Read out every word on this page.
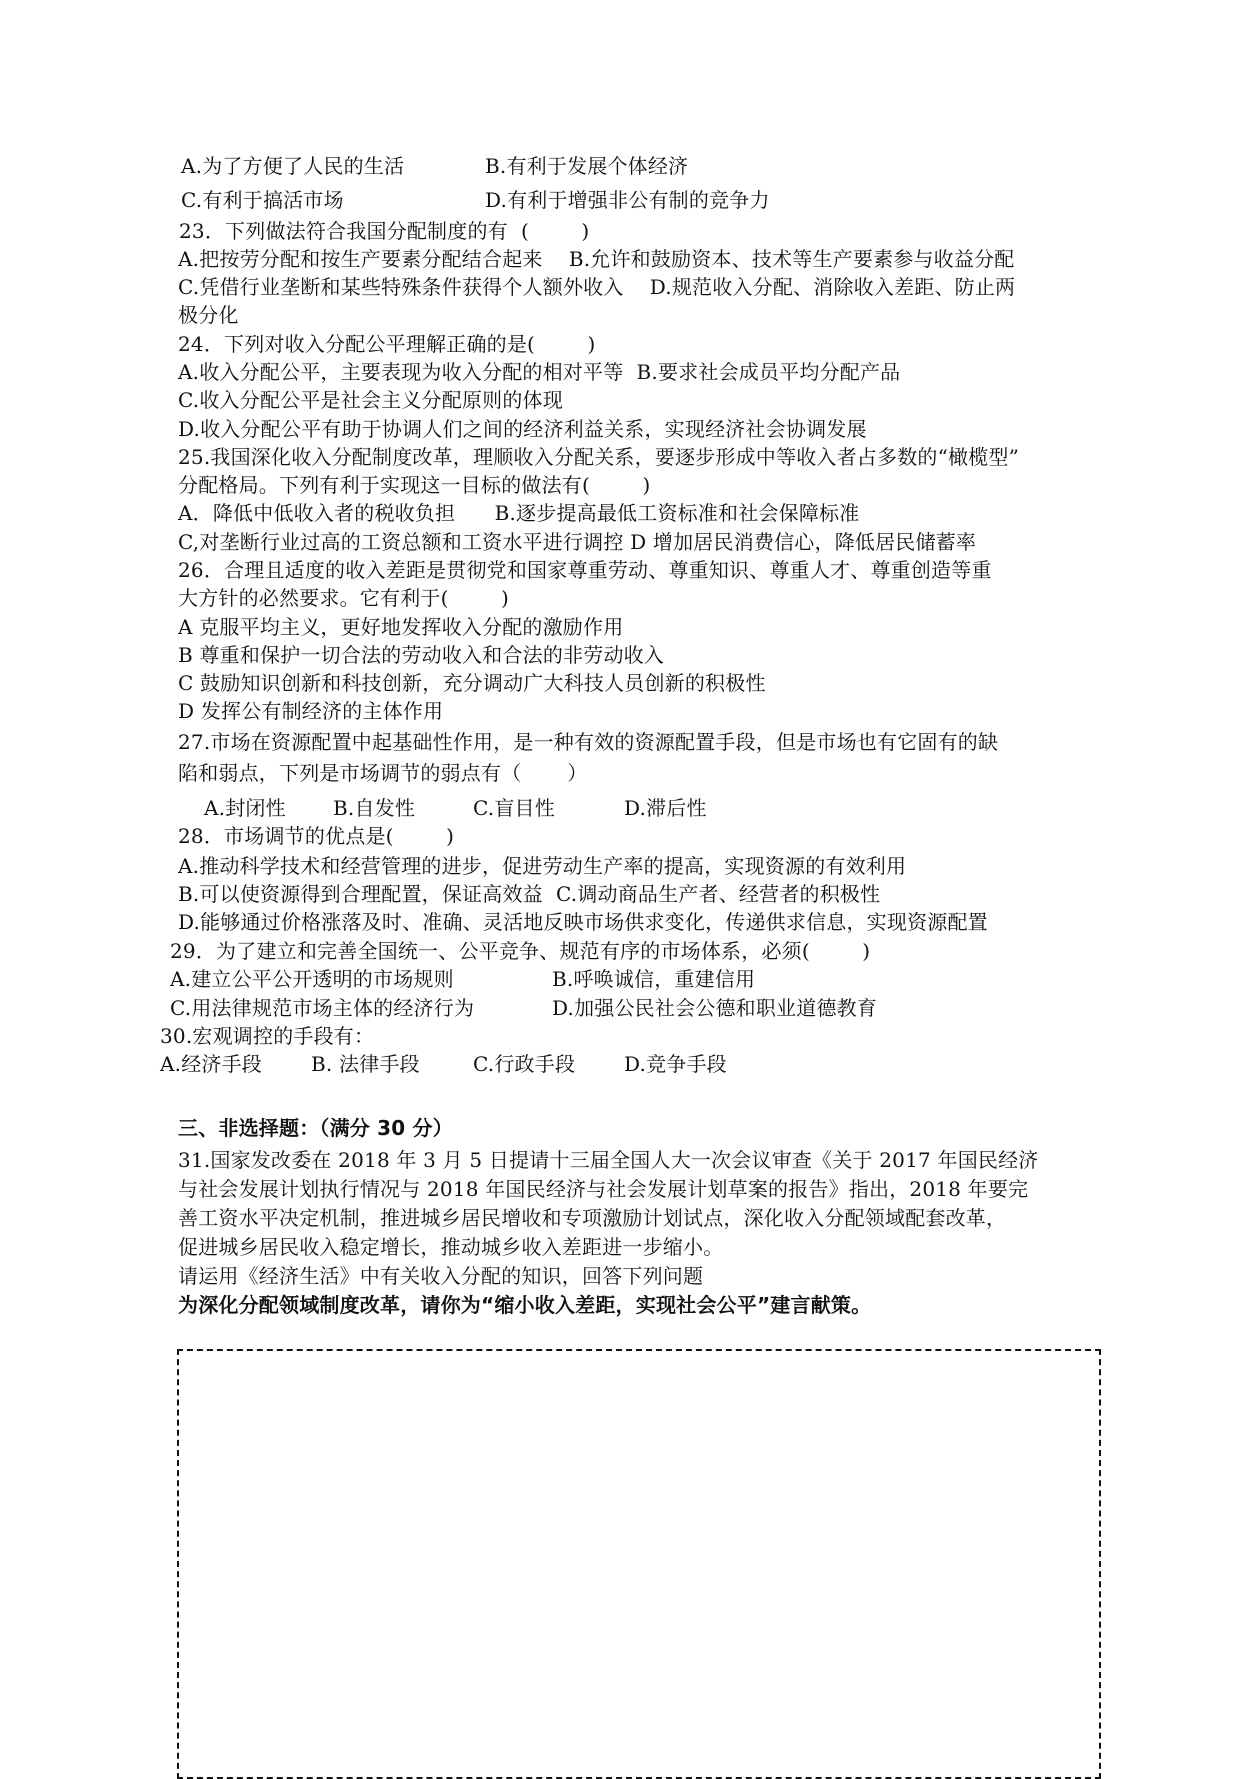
A.为了方便了人民的生活	B.有利于发展个体经济
C.有利于搞活市场	D.有利于增强非公有制的竞争力
23．下列做法符合我国分配制度的有  (        )
A.把按劳分配和按生产要素分配结合起来    B.允许和鼓励资本、技术等生产要素参与收益分配
C.凭借行业垄断和某些特殊条件获得个人额外收入    D.规范收入分配、消除收入差距、防止两
极分化
24．下列对收入分配公平理解正确的是(        )
A.收入分配公平，主要表现为收入分配的相对平等  B.要求社会成员平均分配产品
C.收入分配公平是社会主义分配原则的体现
D.收入分配公平有助于协调人们之间的经济利益关系，实现经济社会协调发展
25.我国深化收入分配制度改革，理顺收入分配关系，要逐步形成中等收入者占多数的“橄榄型”
分配格局。下列有利于实现这一目标的做法有(        )
A．降低中低收入者的税收负担      B.逐步提高最低工资标准和社会保障标准
C,对垄断行业过高的工资总额和工资水平进行调控 D 增加居民消费信心，降低居民储蓄率
26．合理且适度的收入差距是贯彻党和国家尊重劳动、尊重知识、尊重人才、尊重创造等重
大方针的必然要求。它有利于(        )
A 克服平均主义，更好地发挥收入分配的激励作用
B 尊重和保护一切合法的劳动收入和合法的非劳动收入
C 鼓励知识创新和科技创新，充分调动广大科技人员创新的积极性
D 发挥公有制经济的主体作用
27.市场在资源配置中起基础性作用，是一种有效的资源配置手段，但是市场也有它固有的缺
陷和弱点，下列是市场调节的弱点有（       ）
A.封闭性 B.自发性	C.盲目性	D.滞后性
28．市场调节的优点是(        )
A.推动科学技术和经营管理的进步，促进劳动生产率的提高，实现资源的有效利用
B.可以使资源得到合理配置，保证高效益  C.调动商品生产者、经营者的积极性
D.能够通过价格涨落及时、准确、灵活地反映市场供求变化，传递供求信息，实现资源配置
29．为了建立和完善全国统一、公平竞争、规范有序的市场体系，必须(        )
A.建立公平公开透明的市场规则	B.呼唤诚信，重建信用
C.用法律规范市场主体的经济行为	D.加强公民社会公德和职业道德教育
30.宏观调控的手段有：
A.经济手段 B. 法律手段	C.行政手段 D.竞争手段
三、非选择题：（满分 30 分）
31.国家发改委在 2018 年 3 月 5 日提请十三届全国人大一次会议审查《关于 2017 年国民经济
与社会发展计划执行情况与 2018 年国民经济与社会发展计划草案的报告》指出，2018 年要完
善工资水平决定机制，推进城乡居民增收和专项激励计划试点，深化收入分配领域配套改革，
促进城乡居民收入稳定增长，推动城乡收入差距进一步缩小。
请运用《经济生活》中有关收入分配的知识，回答下列问题
为深化分配领域制度改革，请你为“缩小收入差距，实现社会公平”建言献策。
